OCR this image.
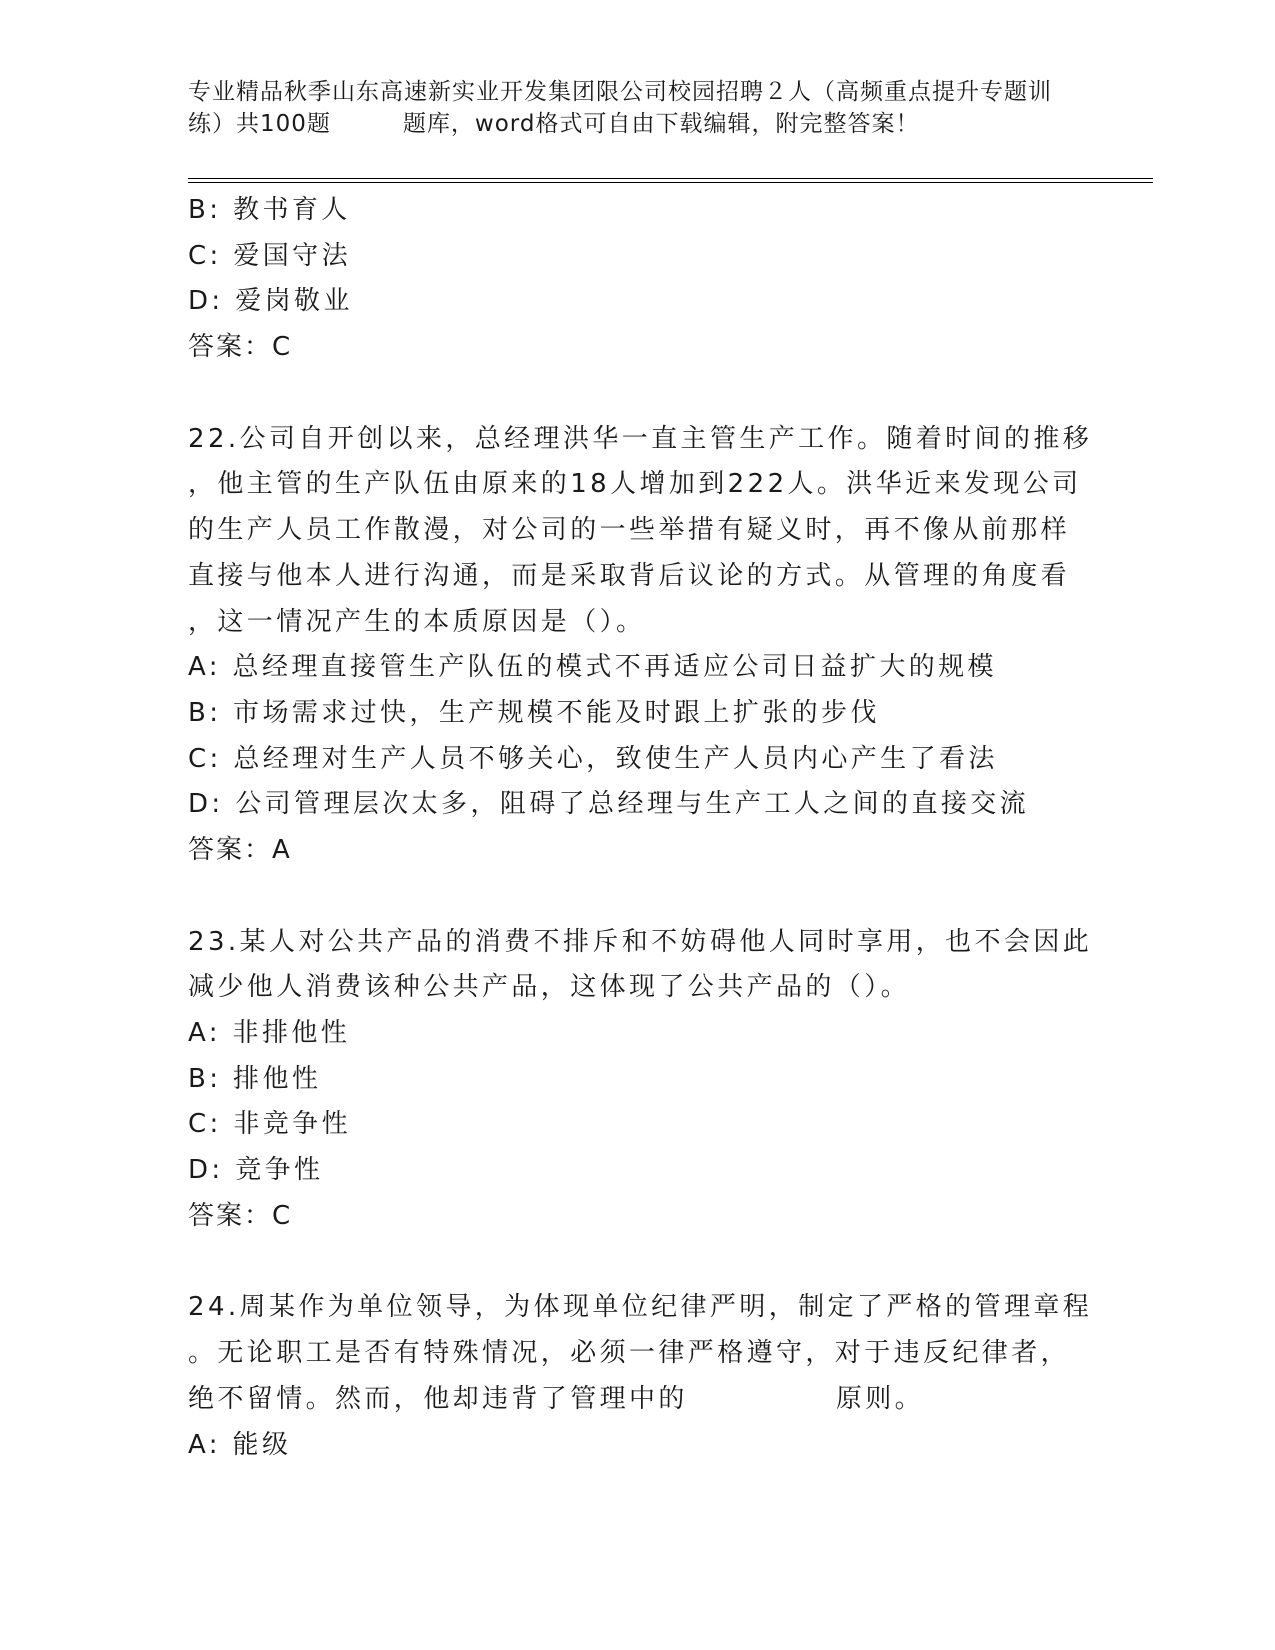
专业精品秋季山东高速新实业开发集团限公司校园招聘２人（高频重点提升专题训
练）共100题	题库，word格式可自由下载编辑，附完整答案！
B: 教书育人
C: 爱国守法
D: 爱岗敬业
答案：C
22.公司自开创以来，总经理洪华一直主管生产工作。随着时间的推移
，他主管的生产队伍由原来的18人增加到222人。洪华近来发现公司
的生产人员工作散漫，对公司的一些举措有疑义时，再不像从前那样
直接与他本人进行沟通，而是采取背后议论的方式。从管理的角度看
，这一情况产生的本质原因是（）。
A: 总经理直接管生产队伍的模式不再适应公司日益扩大的规模
B: 市场需求过快，生产规模不能及时跟上扩张的步伐
C: 总经理对生产人员不够关心，致使生产人员内心产生了看法
D: 公司管理层次太多，阻碍了总经理与生产工人之间的直接交流
答案：A
23.某人对公共产品的消费不排斥和不妨碍他人同时享用，也不会因此
减少他人消费该种公共产品，这体现了公共产品的（）。
A: 非排他性
B: 排他性
C: 非竞争性
D: 竞争性
答案：C
24.周某作为单位领导，为体现单位纪律严明，制定了严格的管理章程
。无论职工是否有特殊情况，必须一律严格遵守，对于违反纪律者，
绝不留情。然而，他却违背了管理中的	原则。
A: 能级
